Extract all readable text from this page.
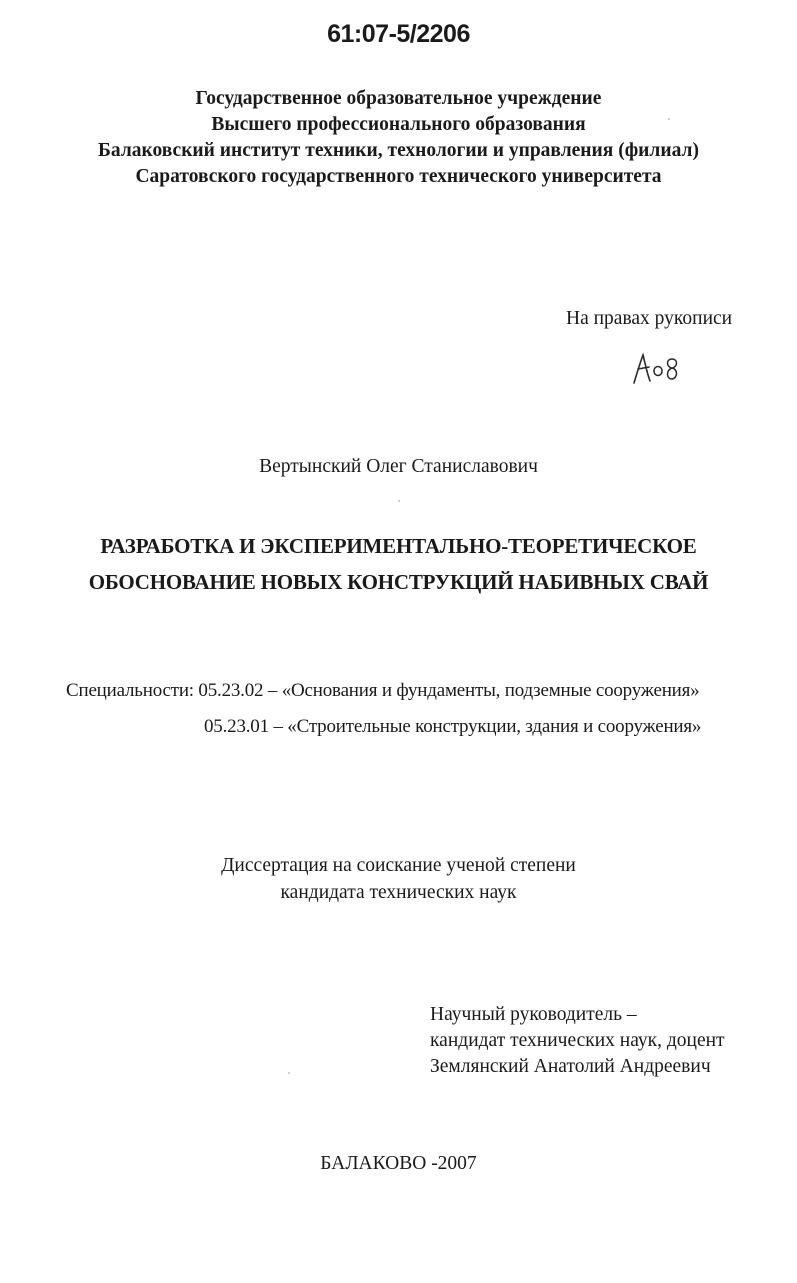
61:07-5/2206
Государственное образовательное учреждение
Высшего профессионального образования
Балаковский институт техники, технологии и управления (филиал)
Саратовского государственного технического университета
На правах рукописи
Вертынский Олег Станиславович
РАЗРАБОТКА И ЭКСПЕРИМЕНТАЛЬНО-ТЕОРЕТИЧЕСКОЕ
ОБОСНОВАНИЕ НОВЫХ КОНСТРУКЦИЙ НАБИВНЫХ СВАЙ
Специальности: 05.23.02 – «Основания и фундаменты, подземные сооружения»
05.23.01 – «Строительные конструкции, здания и сооружения»
Диссертация на соискание ученой степени
кандидата технических наук
Научный руководитель –
кандидат технических наук, доцент
Землянский Анатолий Андреевич
БАЛАКОВО -2007
